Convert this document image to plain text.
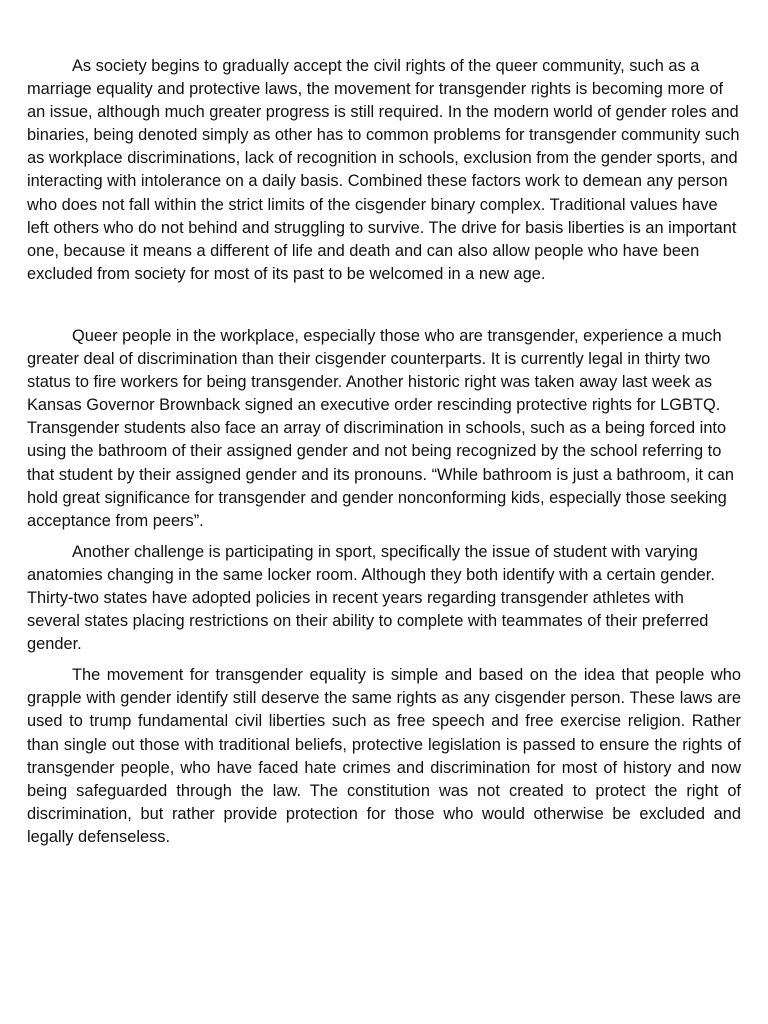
As society begins to gradually accept the civil rights of the queer community, such as a marriage equality and protective laws, the movement for transgender rights is becoming more of an issue, although much greater progress is still required. In the modern world of gender roles and binaries, being denoted simply as other has to common problems for transgender community such as workplace discriminations, lack of recognition in schools, exclusion from the gender sports, and interacting with intolerance on a daily basis. Combined these factors work to demean any person who does not fall within the strict limits of the cisgender binary complex. Traditional values have left others who do not behind and struggling to survive. The drive for basis liberties is an important one, because it means a different of life and death and can also allow people who have been excluded from society for most of its past to be welcomed in a new age.

Queer people in the workplace, especially those who are transgender, experience a much greater deal of discrimination than their cisgender counterparts. It is currently legal in thirty two status to fire workers for being transgender. Another historic right was taken away last week as Kansas Governor Brownback signed an executive order rescinding protective rights for LGBTQ. Transgender students also face an array of discrimination in schools, such as a being forced into using the bathroom of their assigned gender and not being recognized by the school referring to that student by their assigned gender and its pronouns. “While bathroom is just a bathroom, it can hold great significance for transgender and gender nonconforming kids, especially those seeking acceptance from peers”.

Another challenge is participating in sport, specifically the issue of student with varying anatomies changing in the same locker room. Although they both identify with a certain gender. Thirty-two states have adopted policies in recent years regarding transgender athletes with several states placing restrictions on their ability to complete with teammates of their preferred gender.

The movement for transgender equality is simple and based on the idea that people who grapple with gender identify still deserve the same rights as any cisgender person. These laws are used to trump fundamental civil liberties such as free speech and free exercise religion. Rather than single out those with traditional beliefs, protective legislation is passed to ensure the rights of transgender people, who have faced hate crimes and discrimination for most of history and now being safeguarded through the law. The constitution was not created to protect the right of discrimination, but rather provide protection for those who would otherwise be excluded and legally defenseless.
